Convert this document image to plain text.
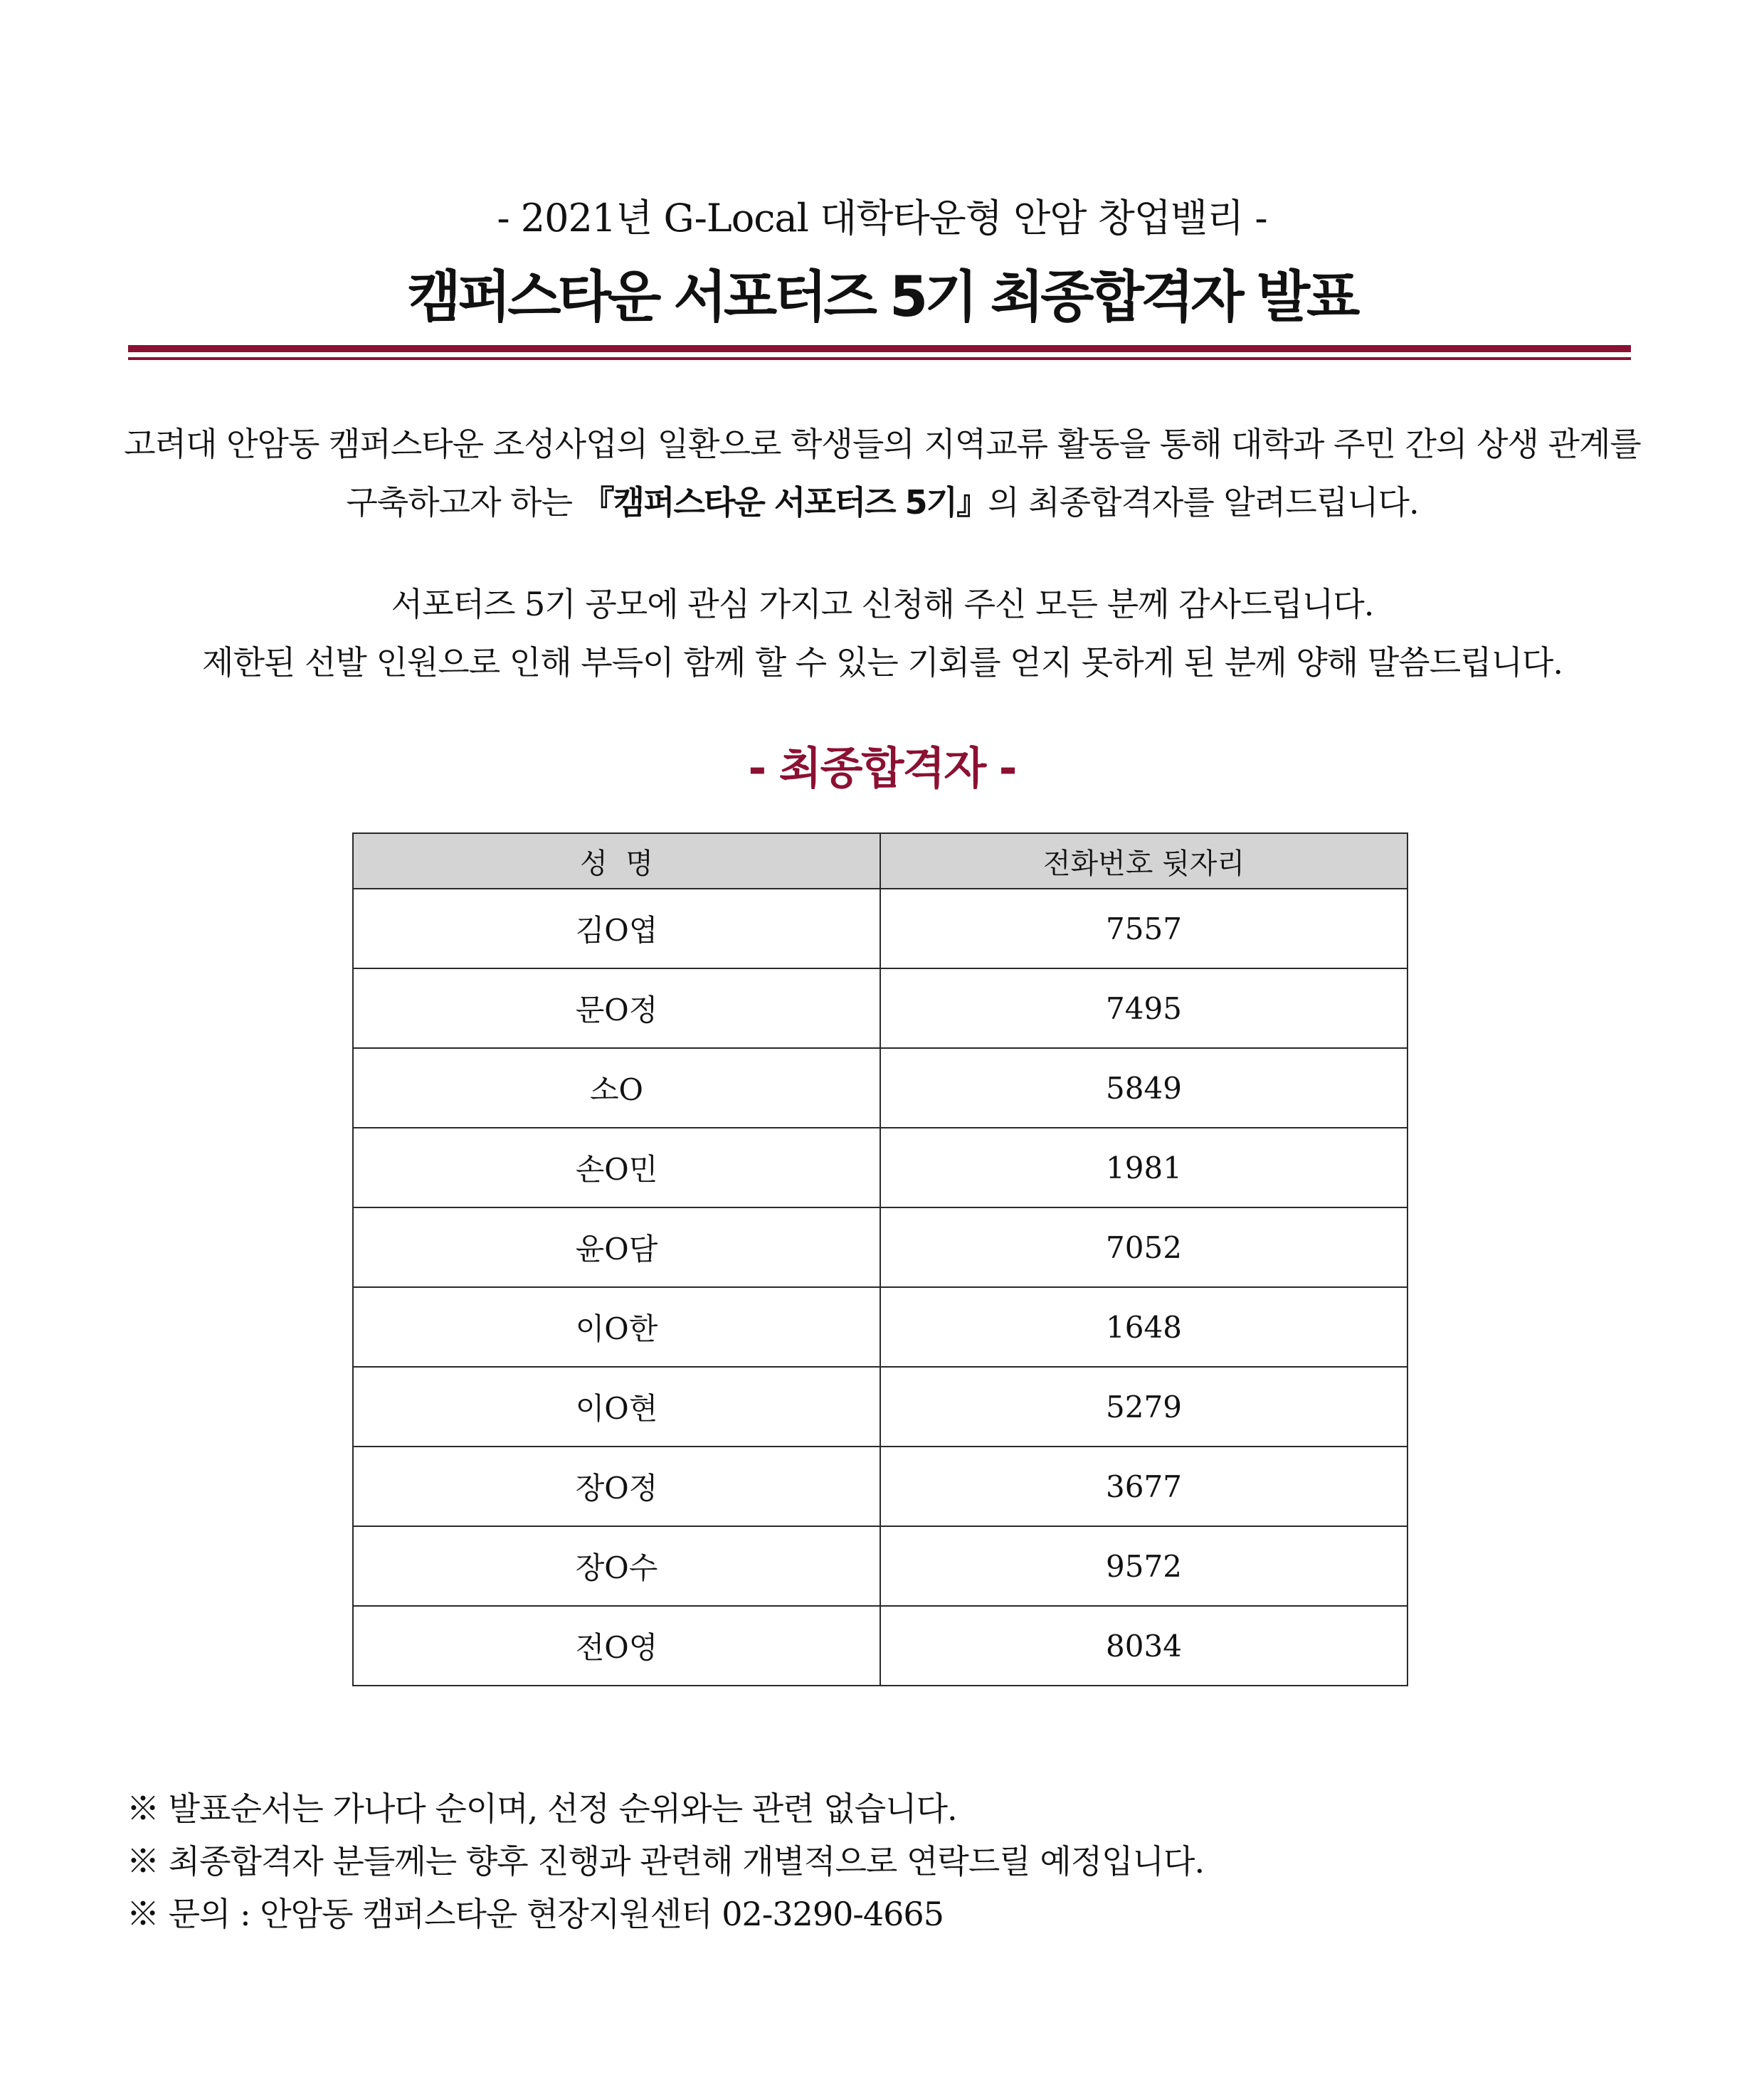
- 2021년 G-Local 대학타운형 안암 창업밸리 -
캠퍼스타운 서포터즈 5기 최종합격자 발표
고려대 안암동 캠퍼스타운 조성사업의 일환으로 학생들의 지역교류 활동을 통해 대학과 주민 간의 상생 관계를
구축하고자 하는 『캠퍼스타운 서포터즈 5기』의 최종합격자를 알려드립니다.
서포터즈 5기 공모에 관심 가지고 신청해 주신 모든 분께 감사드립니다.
제한된 선발 인원으로 인해 부득이 함께 할 수 있는 기회를 얻지 못하게 된 분께 양해 말씀드립니다.
- 최종합격자 -
성  명	전화번호 뒷자리
김O엽	7557
문O정	7495
소O	5849
손O민	1981
윤O담	7052
이O한	1648
이O현	5279
장O정	3677
장O수	9572
전O영	8034
※ 발표순서는 가나다 순이며, 선정 순위와는 관련 없습니다.
※ 최종합격자 분들께는 향후 진행과 관련해 개별적으로 연락드릴 예정입니다.
※ 문의 : 안암동 캠퍼스타운 현장지원센터 02-3290-4665
